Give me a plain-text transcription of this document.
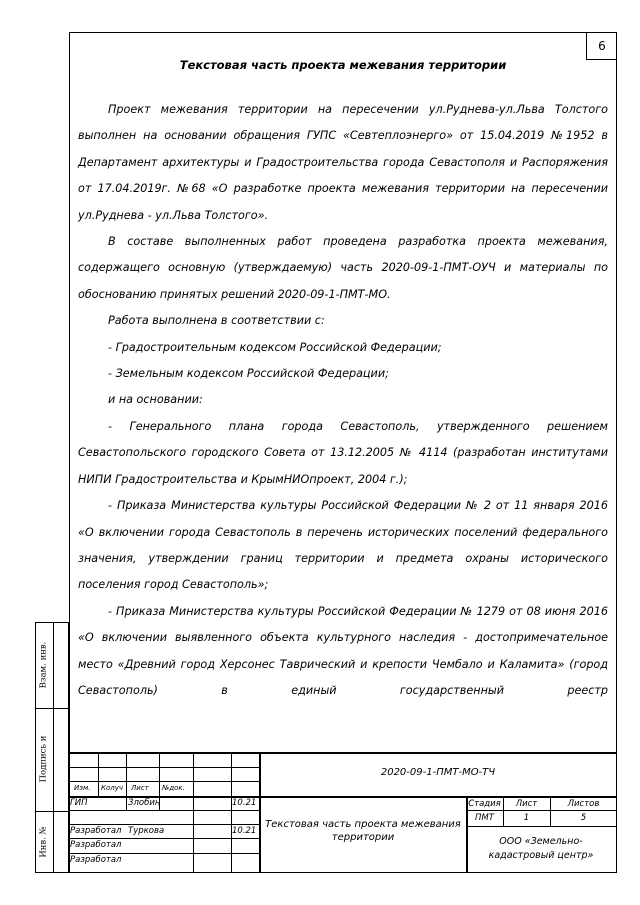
6
Текстовая часть проекта межевания территории

Проект межевания территории на пересечении ул.Руднева-ул.Льва Толстого выполнен на основании обращения ГУПС «Севтеплоэнерго» от 15.04.2019 №1952 в Департамент архитектуры и Градостроительства города Севастополя и Распоряжения от 17.04.2019г. №68 «О разработке проекта межевания территории на пересечении ул.Руднева - ул.Льва Толстого».

В составе выполненных работ проведена разработка проекта межевания, содержащего основную (утверждаемую) часть 2020-09-1-ПМТ-ОУЧ и материалы по обоснованию принятых решений 2020-09-1-ПМТ-МО.

Работа выполнена в соответствии с:

- Градостроительным кодексом Российской Федерации;

- Земельным кодексом Российской Федерации;

и на основании:

- Генерального плана города Севастополь, утвержденного решением Севастопольского городского Совета от 13.12.2005 № 4114 (разработан институтами НИПИ Градостроительства и КрымНИОпроект, 2004 г.);

- Приказа Министерства культуры Российской Федерации № 2 от 11 января 2016 «О включении города Севастополь в перечень исторических поселений федерального значения, утверждении границ территории и предмета охраны исторического поселения город Севастополь»;

- Приказа Министерства культуры Российской Федерации № 1279 от 08 июня 2016 «О включении выявленного объекта культурного наследия - достопримечательное место «Древний город Херсонес Таврический и крепости Чембало и Каламита» (город Севастополь) в единый государственный реестр

Взам. инв.
Подпись и
Инв. №
2020-09-1-ПМТ-МО-ТЧ
Изм. Колуч Лист №док.
ГИП	Злобин	10.21
Разработал Туркова	10.21
Разработал
Разработал
Текстовая часть проекта межевания территории
Стадия	Лист	Листов
ПМТ	1	5
ООО «Земельно-кадастровый центр»
